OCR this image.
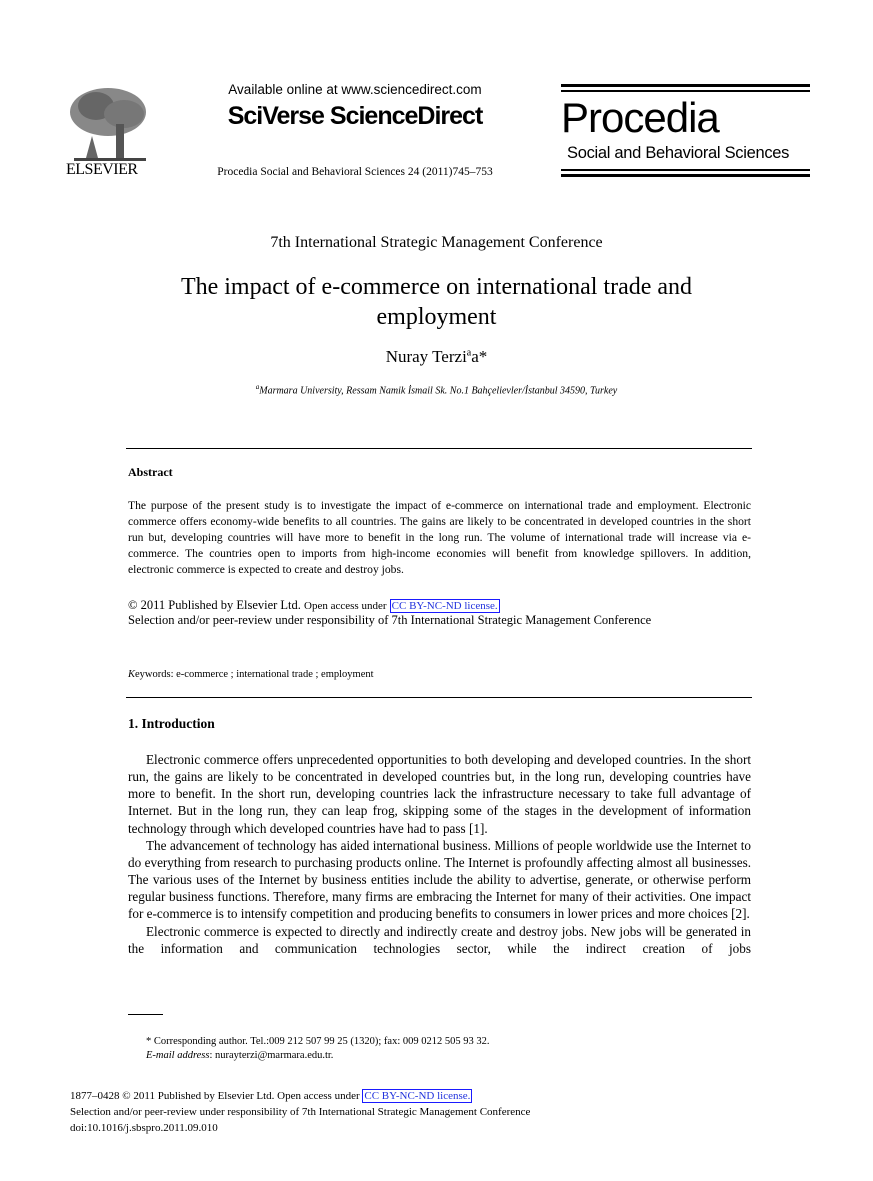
ELSEVIER
Available online at www.sciencedirect.com
SciVerse ScienceDirect
Procedia Social and Behavioral Sciences 24 (2011)745–753
Procedia
Social and Behavioral Sciences
7th International Strategic Management Conference
The impact of e-commerce on international trade and employment
Nuray Terzi$^a$a*
$^a$Marmara University, Ressam Namik İsmail Sk. No.1 Bahçelievler/İstanbul 34590, Turkey
Abstract
The purpose of the present study is to investigate the impact of e-commerce on international trade and employment. Electronic commerce offers economy-wide benefits to all countries. The gains are likely to be concentrated in developed countries in the short run but, developing countries will have more to benefit in the long run. The volume of international trade will increase via e-commerce. The countries open to imports from high-income economies will benefit from knowledge spillovers. In addition, electronic commerce is expected to create and destroy jobs.
© 2011 Published by Elsevier Ltd. Open access under CC BY-NC-ND license.
Selection and/or peer-review under responsibility of 7th International Strategic Management Conference
Keywords: e-commerce ; international trade ; employment
1. Introduction

Electronic commerce offers unprecedented opportunities to both developing and developed countries. In the short run, the gains are likely to be concentrated in developed countries but, in the long run, developing countries have more to benefit. In the short run, developing countries lack the infrastructure necessary to take full advantage of Internet. But in the long run, they can leap frog, skipping some of the stages in the development of information technology through which developed countries have had to pass [1].

The advancement of technology has aided international business. Millions of people worldwide use the Internet to do everything from research to purchasing products online. The Internet is profoundly affecting almost all businesses. The various uses of the Internet by business entities include the ability to advertise, generate, or otherwise perform regular business functions. Therefore, many firms are embracing the Internet for many of their activities. One impact for e-commerce is to intensify competition and producing benefits to consumers in lower prices and more choices [2].

Electronic commerce is expected to directly and indirectly create and destroy jobs. New jobs will be generated in the information and communication technologies sector, while the indirect creation of jobs

* Corresponding author. Tel.:009 212 507 99 25 (1320); fax: 009 0212 505 93 32.
E-mail address: nurayterzi@marmara.edu.tr.
1877–0428 © 2011 Published by Elsevier Ltd. Open access under CC BY-NC-ND license.
Selection and/or peer-review under responsibility of 7th International Strategic Management Conference
doi:10.1016/j.sbspro.2011.09.010
